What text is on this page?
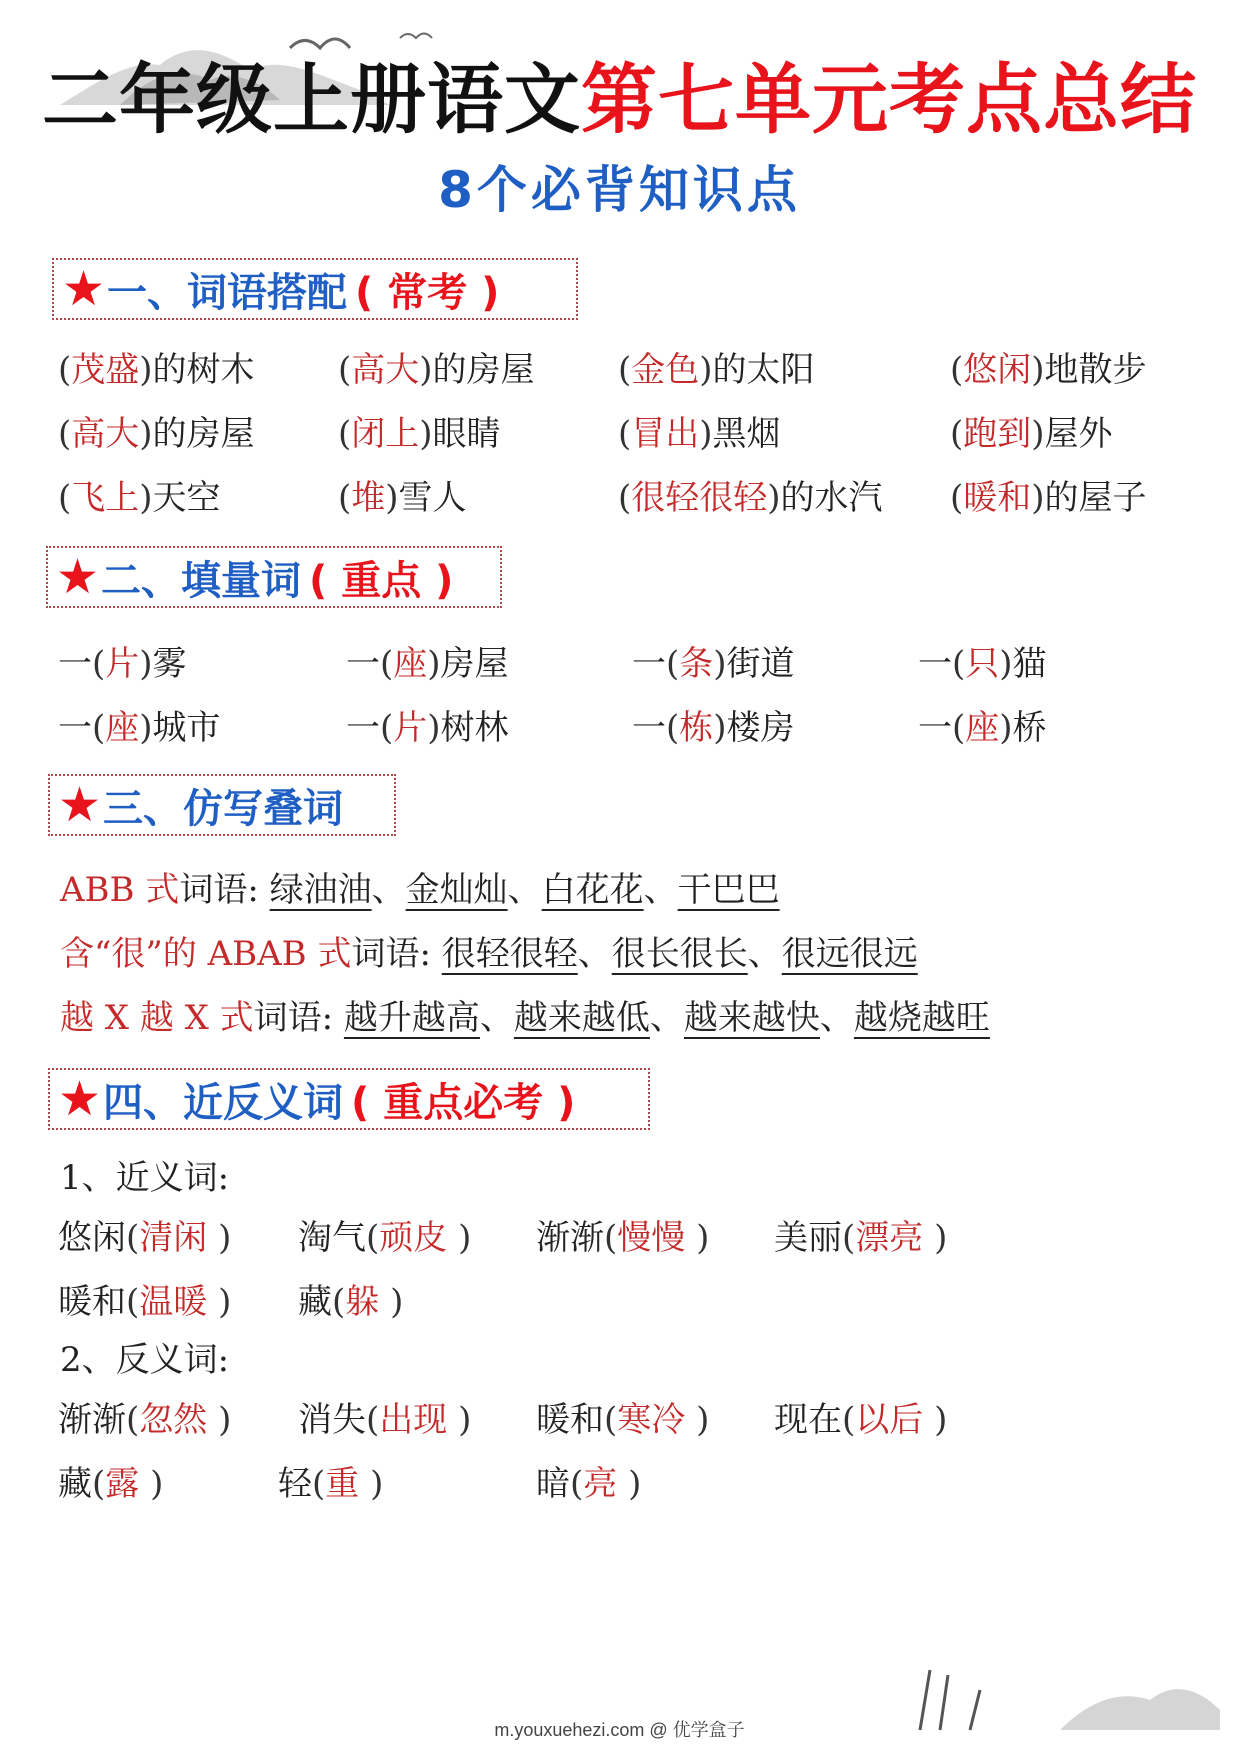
二年级上册语文第七单元考点总结
8个必背知识点
★ 一、词语搭配 ( 常考 )
(茂盛)的树木 (高大)的房屋 (金色)的太阳	(悠闲)地散步
(高大)的房屋 (闭上)眼睛	(冒出)黑烟	(跑到)屋外
(飞上)天空	(堆)雪人	(很轻很轻)的水汽 (暖和)的屋子
★ 二、填量词 ( 重点 )
一(片)雾	一(座)房屋	一(条)街道	一(只)猫
一(座)城市	一(片)树林	一(栋)楼房	一(座)桥
★ 三、仿写叠词
ABB 式词语: 绿油油、金灿灿、白花花、干巴巴
含“很”的 ABAB 式词语: 很轻很轻、很长很长、很远很远
越 X 越 X 式词语: 越升越高、越来越低、越来越快、越烧越旺
★ 四、近反义词 ( 重点必考 )
1、近义词:
悠闲(清闲 ) 淘气(顽皮 ) 渐渐(慢慢 ) 美丽(漂亮 )
暖和(温暖 ) 藏(躲 )
2、反义词:
渐渐(忽然 ) 消失(出现 ) 暖和(寒冷 ) 现在(以后 )
藏(露 )	轻(重 )	暗(亮 )
m.youxuehezi.com @ 优学盒子
